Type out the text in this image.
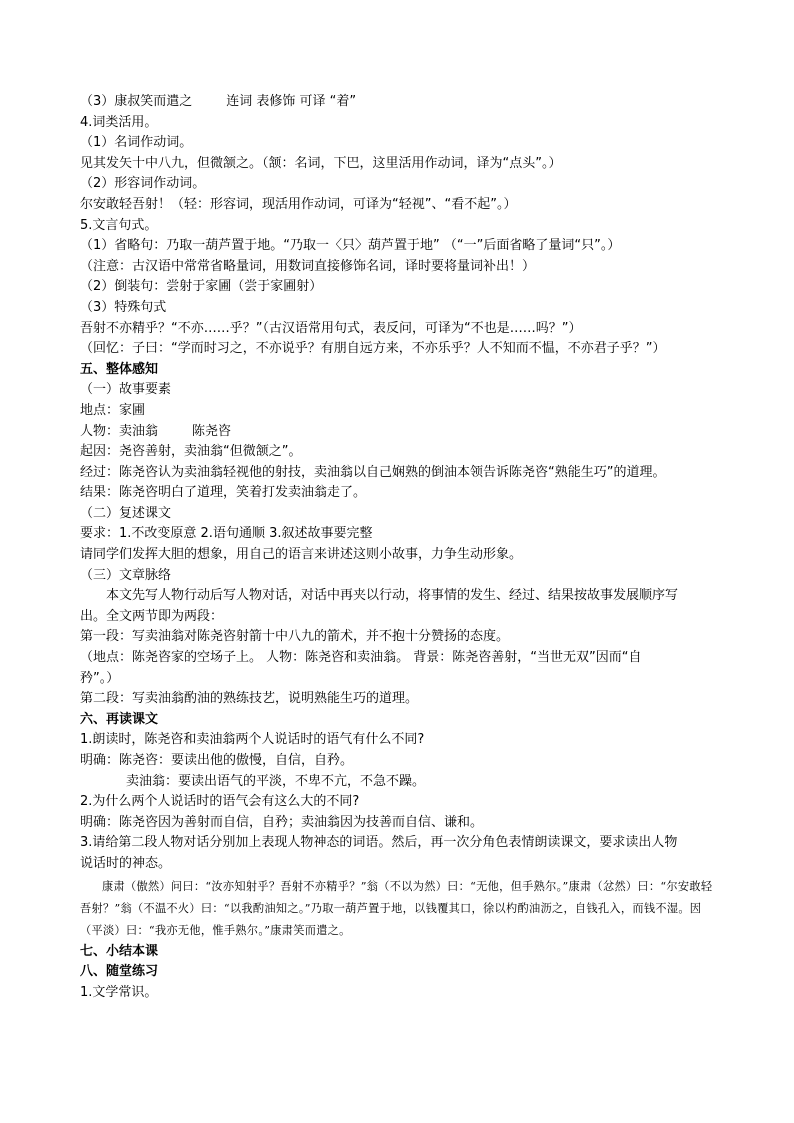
（3）康叔笑而遣之	连词 表修饰 可译 “着”
4.词类活用。
（1）名词作动词。
见其发矢十中八九，但微颔之。（颔：名词，下巴，这里活用作动词，译为“点头”。）
（2）形容词作动词。
尔安敢轻吾射！（轻：形容词，现活用作动词，可译为“轻视”、“看不起”。）
5.文言句式。
（1）省略句：乃取一葫芦置于地。“乃取一〈只〉葫芦置于地” （“一”后面省略了量词“只”。）
（注意：古汉语中常常省略量词，用数词直接修饰名词，译时要将量词补出！）
（2）倒装句：尝射于家圃（尝于家圃射）
（3）特殊句式
吾射不亦精乎？“不亦……乎？”（古汉语常用句式，表反问，可译为“不也是……吗？”）
（回忆：子曰：“学而时习之，不亦说乎？有朋自远方来，不亦乐乎？人不知而不愠，不亦君子乎？”）
五、整体感知
（一）故事要素
地点：家圃
人物：卖油翁	陈尧咨
起因：尧咨善射，卖油翁“但微颔之”。
经过：陈尧咨认为卖油翁轻视他的射技，卖油翁以自己娴熟的倒油本领告诉陈尧咨“熟能生巧”的道理。
结果：陈尧咨明白了道理，笑着打发卖油翁走了。
（二）复述课文
要求：1.不改变原意 2.语句通顺 3.叙述故事要完整
请同学们发挥大胆的想象，用自己的语言来讲述这则小故事，力争生动形象。
（三）文章脉络
本文先写人物行动后写人物对话，对话中再夹以行动，将事情的发生、经过、结果按故事发展顺序写
出。全文两节即为两段：
第一段：写卖油翁对陈尧咨射箭十中八九的箭术，并不抱十分赞扬的态度。
（地点：陈尧咨家的空场子上。 人物：陈尧咨和卖油翁。 背景：陈尧咨善射，“当世无双”因而“自
矜”。）
第二段：写卖油翁酌油的熟练技艺，说明熟能生巧的道理。
六、再读课文
1.朗读时，陈尧咨和卖油翁两个人说话时的语气有什么不同?
明确：陈尧咨：要读出他的傲慢，自信，自矜。
卖油翁：要读出语气的平淡，不卑不亢，不急不躁。
2.为什么两个人说话时的语气会有这么大的不同?
明确：陈尧咨因为善射而自信，自矜；卖油翁因为技善而自信、谦和。
3.请给第二段人物对话分别加上表现人物神态的词语。然后，再一次分角色表情朗读课文，要求读出人物
说话时的神态。
康肃（傲然）问曰：“汝亦知射乎？吾射不亦精乎？”翁（不以为然）曰：“无他，但手熟尔。”康肃（忿然）曰：“尔安敢轻吾射？”翁（不温不火）曰：“以我酌油知之。”乃取一葫芦置于地，以钱覆其口，徐以杓酌油沥之，自钱孔入，而钱不湿。因（平淡）曰：“我亦无他，惟手熟尔。”康肃笑而遣之。
七、小结本课
八、随堂练习
1.文学常识。
